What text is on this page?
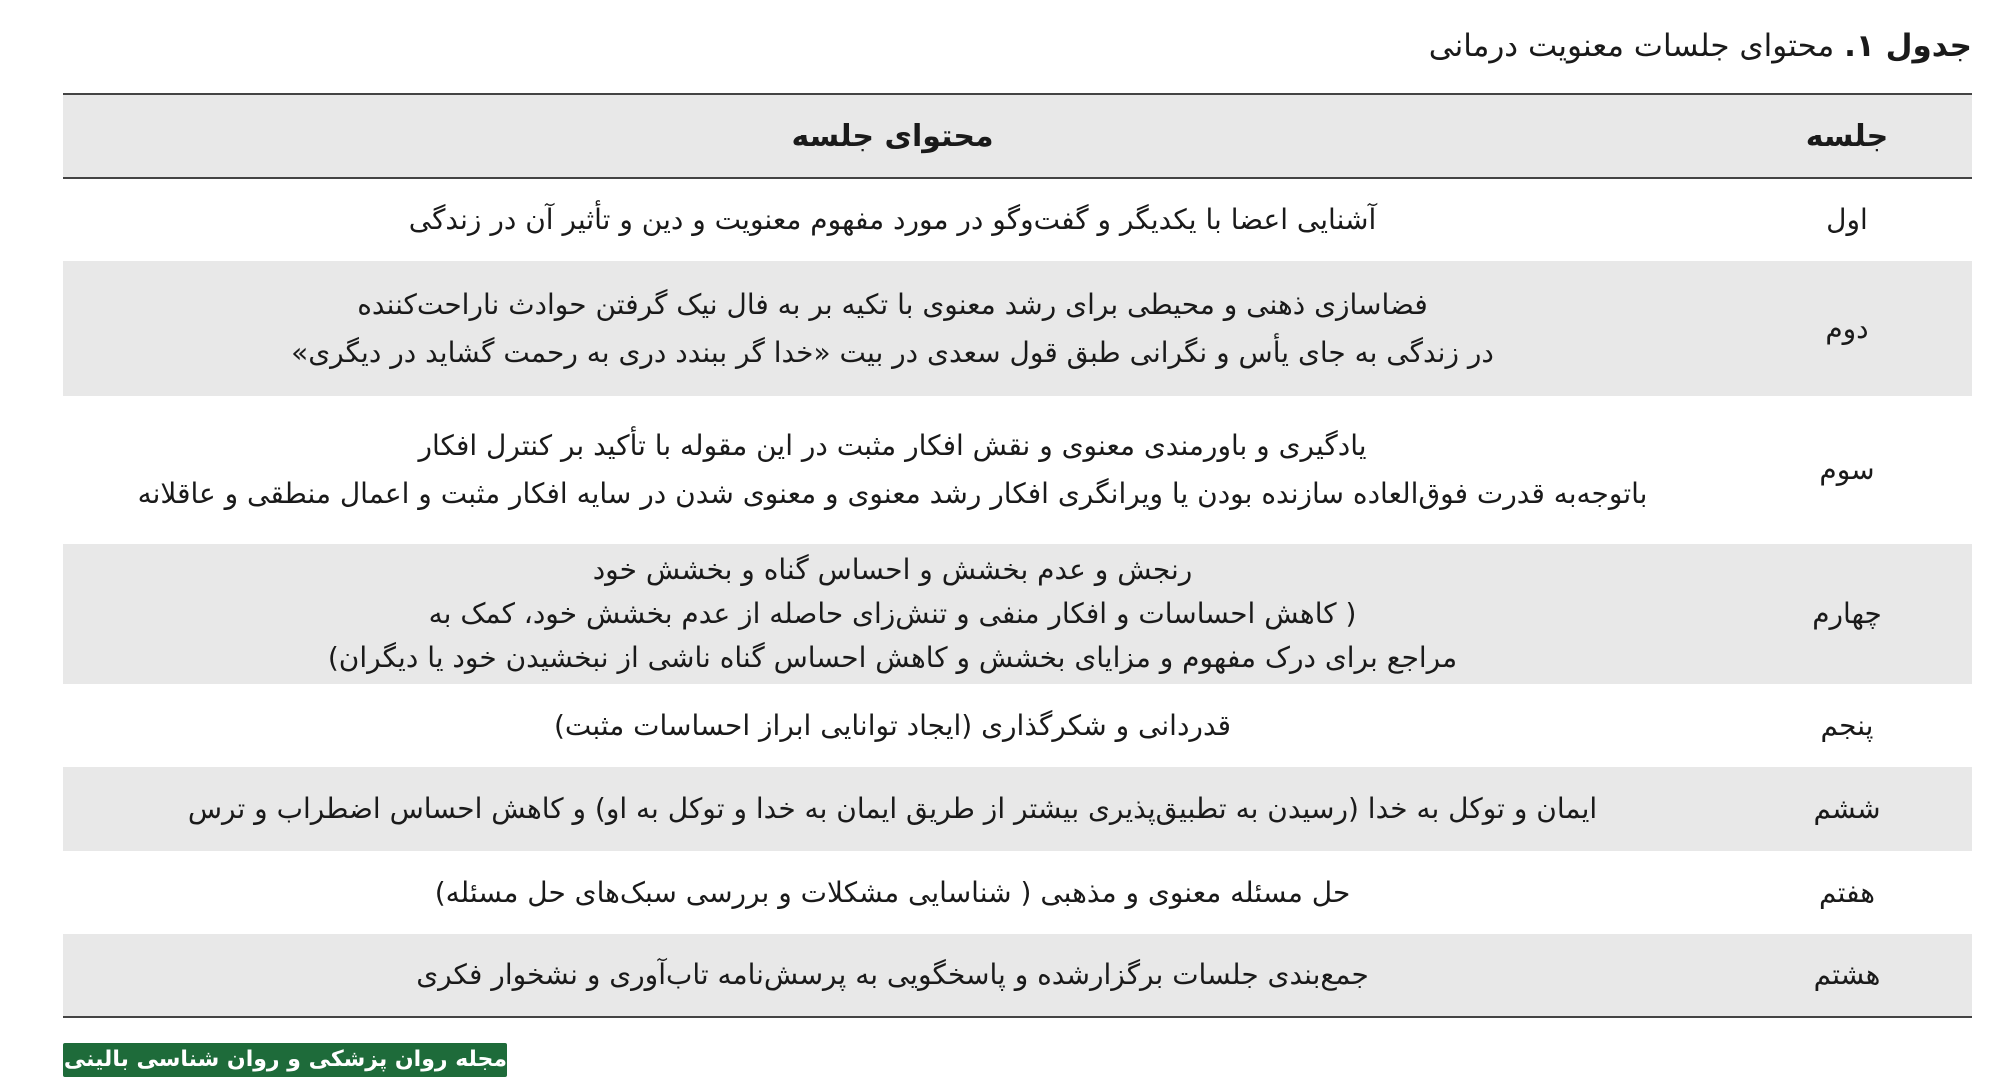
جدول ۱. محتوای جلسات معنویت درمانی
جلسه	محتوای جلسه
اول	آشنایی اعضا با یکدیگر و گفت‌وگو در مورد مفهوم معنویت و دین و تأثیر آن در زندگی

دوم	فضاسازی ذهنی و محیطی برای رشد معنوی با تکیه بر به فال نیک گرفتن حوادث ناراحت‌کننده
در زندگی به جای یأس و نگرانی طبق قول سعدی در بیت «خدا گر ببندد دری به رحمت گشاید در دیگری»

سوم	یادگیری و باورمندی معنوی و نقش افکار مثبت در این مقوله با تأکید بر کنترل افکار
باتوجه‌به قدرت فوق‌العاده سازنده بودن یا ویرانگری افکار رشد معنوی و معنوی شدن در سایه افکار مثبت و اعمال منطقی و عاقلانه

چهارم	رنجش و عدم بخشش و احساس گناه و بخشش خود
( کاهش احساسات و افکار منفی و تنش‌زای حاصله از عدم بخشش خود، کمک به
مراجع برای درک مفهوم و مزایای بخشش و کاهش احساس گناه ناشی از نبخشیدن خود یا دیگران)

پنجم	قدردانی و شکرگذاری (ایجاد توانایی ابراز احساسات مثبت)

ششم	ایمان و توکل به خدا (رسیدن به تطبیق‌پذیری بیشتر از طریق ایمان به خدا و توکل به او) و کاهش احساس اضطراب و ترس

هفتم	حل مسئله معنوی و مذهبی ( شناسایی مشکلات و بررسی سبک‌های حل مسئله)

هشتم	جمع‌بندی جلسات برگزارشده و پاسخگویی به پرسش‌نامه تاب‌آوری و نشخوار فکری
مجله روان پزشکی و روان شناسی بالینی ایران
